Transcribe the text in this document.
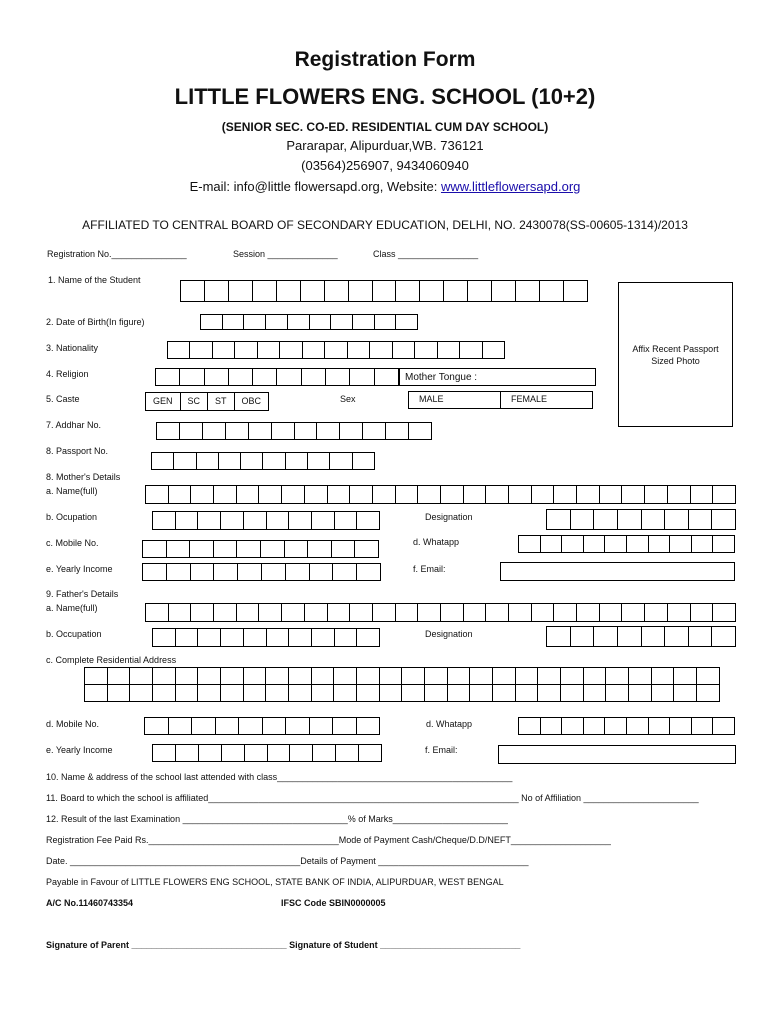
Registration Form
LITTLE FLOWERS ENG. SCHOOL (10+2)
(SENIOR SEC. CO-ED. RESIDENTIAL CUM DAY SCHOOL)
Pararapar, Alipurduar,WB. 736121
(03564)256907, 9434060940
E-mail: info@little flowersapd.org, Website: www.littleflowersapd.org
AFFILIATED TO CENTRAL BOARD OF SECONDARY EDUCATION, DELHI, NO. 2430078(SS-00605-1314)/2013
Registration No._______________	Session ______________	Class ________________
1. Name of the Student
Affix Recent Passport Sized Photo
2. Date of Birth(In figure)
3. Nationality
4. Religion	Mother Tongue :
5. Caste	GEN	SC	ST	OBC	Sex	MALE	FEMALE
7. Addhar No.
8. Passport No.
8. Mother's Details
a. Name(full)
b. Ocupation	Designation
c. Mobile No.	d. Whatapp
e. Yearly Income	f. Email:
9. Father's Details
a. Name(full)
b. Occupation	Designation
c. Complete Residential Address
d. Mobile No.	d. Whatapp
e. Yearly Income	f. Email:
10. Name & address of the school last attended with class_______________________________________________
11. Board to which the school is affiliated______________________________________________________________ No of Affiliation _______________________
12. Result of the last Examination _________________________________% of Marks_______________________
Registration Fee Paid Rs.______________________________________Mode of Payment Cash/Cheque/D.D/NEFT____________________
Date. ______________________________________________Details of Payment ______________________________
Payable in Favour of LITTLE FLOWERS ENG SCHOOL, STATE BANK OF INDIA, ALIPURDUAR, WEST BENGAL
A/C No.11460743354	IFSC Code SBIN0000005
Signature of Parent _______________________________ Signature of Student ____________________________
